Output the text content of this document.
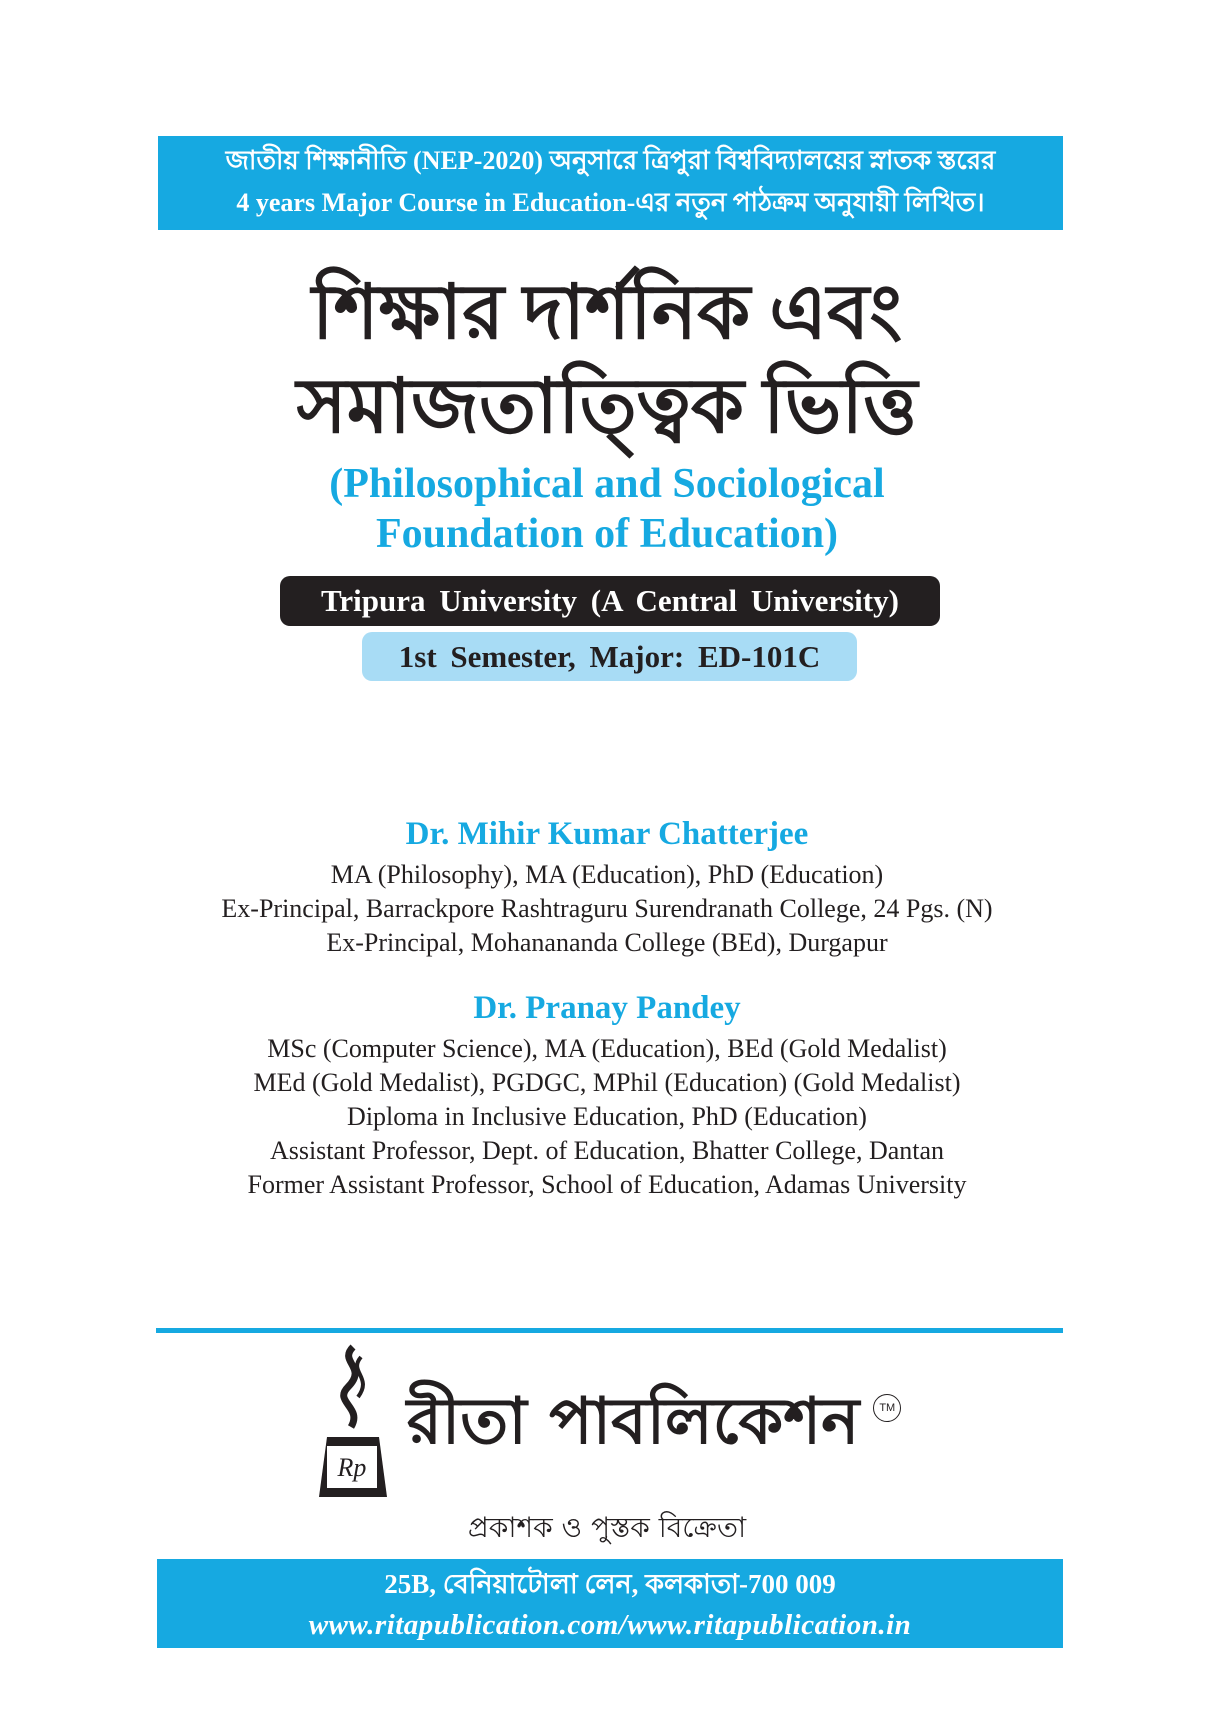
জাতীয় শিক্ষানীতি (NEP-2020) অনুসারে ত্রিপুরা বিশ্ববিদ্যালয়ের স্নাতক স্তরের
4 years Major Course in Education-এর নতুন পাঠক্রম অনুযায়ী লিখিত।
শিক্ষার দার্শনিক এবং
সমাজতাত্ত্বিক ভিত্তি
(Philosophical and Sociological
Foundation of Education)
Tripura University (A Central University)
1st Semester, Major: ED-101C
Dr. Mihir Kumar Chatterjee
MA (Philosophy), MA (Education), PhD (Education)
Ex-Principal, Barrackpore Rashtraguru Surendranath College, 24 Pgs. (N)
Ex-Principal, Mohanananda College (BEd), Durgapur
Dr. Pranay Pandey
MSc (Computer Science), MA (Education), BEd (Gold Medalist)
MEd (Gold Medalist), PGDGC, MPhil (Education) (Gold Medalist)
Diploma in Inclusive Education, PhD (Education)
Assistant Professor, Dept. of Education, Bhatter College, Dantan
Former Assistant Professor, School of Education, Adamas University
Rp
রীতা পাবলিকেশন	TM
প্রকাশক ও পুস্তক বিক্রেতা
25B, বেনিয়াটোলা লেন, কলকাতা-700 009
www.ritapublication.com/www.ritapublication.in
